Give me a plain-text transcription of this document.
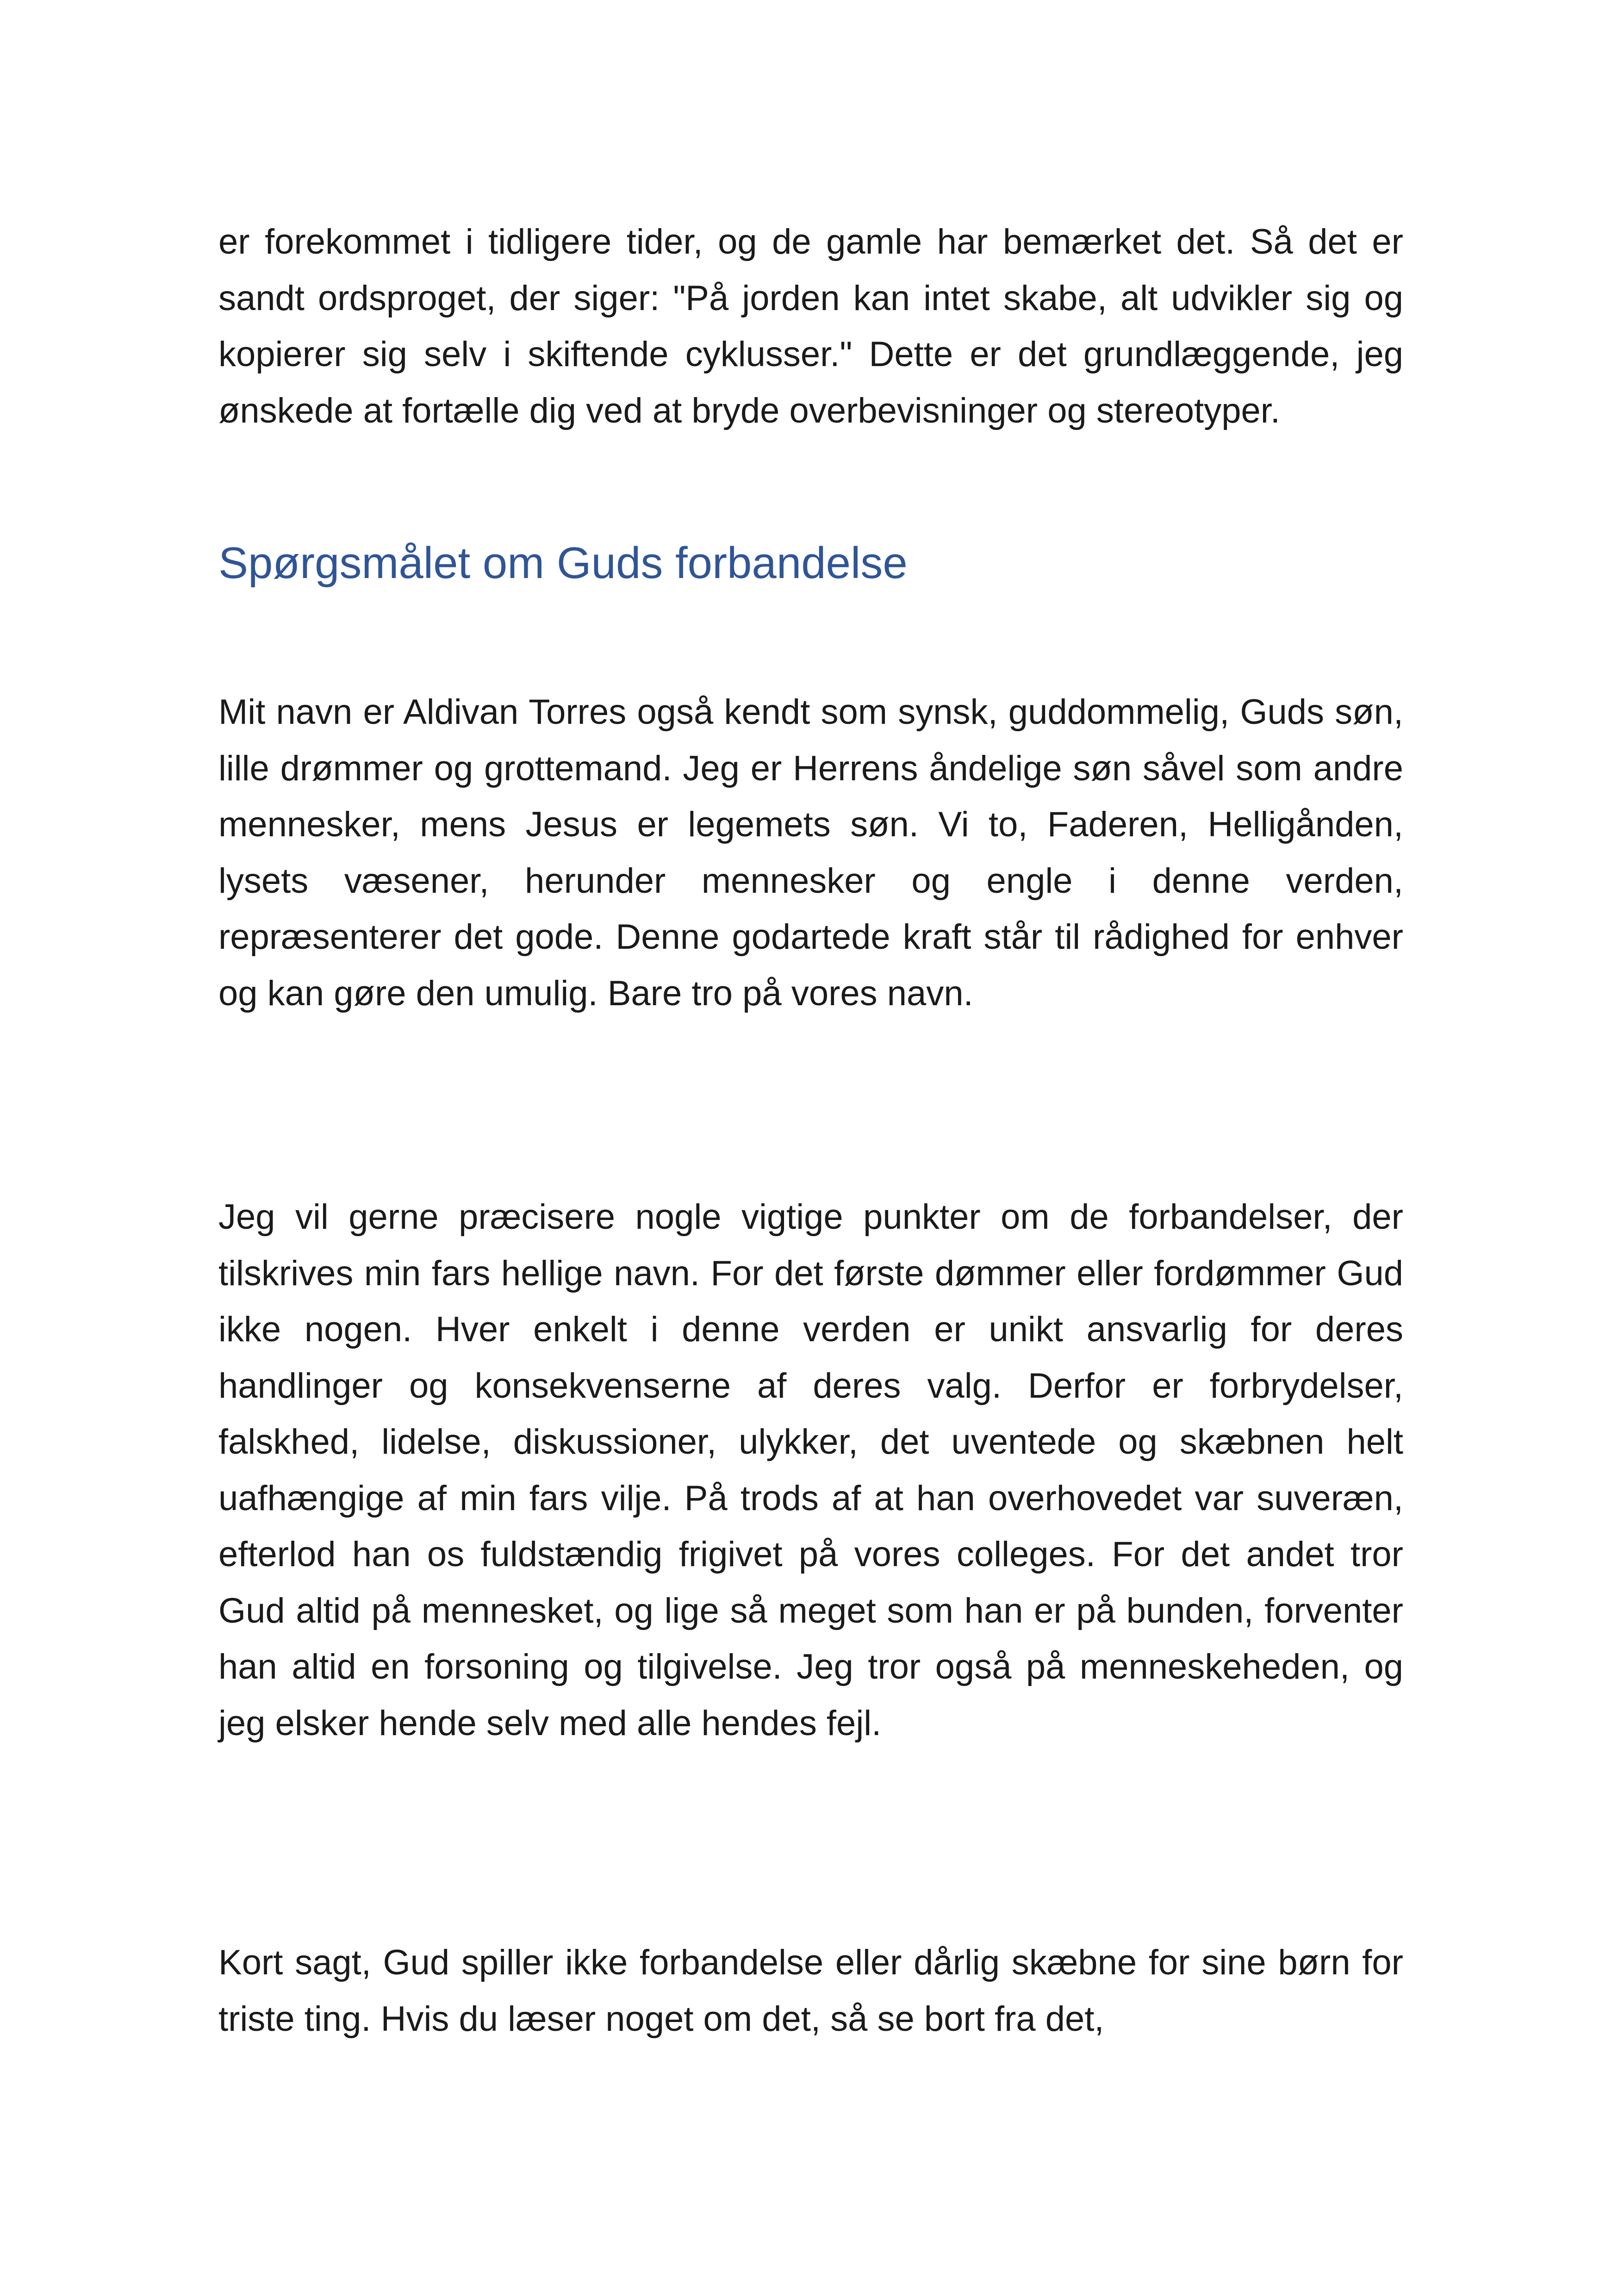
er forekommet i tidligere tider, og de gamle har bemærket det. Så det er sandt ordsproget, der siger: "På jorden kan intet skabe, alt udvikler sig og kopierer sig selv i skiftende cyklusser." Dette er det grundlæggende, jeg ønskede at fortælle dig ved at bryde overbevisninger og stereotyper.

Spørgsmålet om Guds forbandelse

Mit navn er Aldivan Torres også kendt som synsk, guddommelig, Guds søn, lille drømmer og grottemand. Jeg er Herrens åndelige søn såvel som andre mennesker, mens Jesus er legemets søn. Vi to, Faderen, Helligånden, lysets væsener, herunder mennesker og engle i denne verden, repræsenterer det gode. Denne godartede kraft står til rådighed for enhver og kan gøre den umulig. Bare tro på vores navn.

Jeg vil gerne præcisere nogle vigtige punkter om de forbandelser, der tilskrives min fars hellige navn. For det første dømmer eller fordømmer Gud ikke nogen. Hver enkelt i denne verden er unikt ansvarlig for deres handlinger og konsekvenserne af deres valg. Derfor er forbrydelser, falskhed, lidelse, diskussioner, ulykker, det uventede og skæbnen helt uafhængige af min fars vilje. På trods af at han overhovedet var suveræn, efterlod han os fuldstændig frigivet på vores colleges. For det andet tror Gud altid på mennesket, og lige så meget som han er på bunden, forventer han altid en forsoning og tilgivelse. Jeg tror også på menneskeheden, og jeg elsker hende selv med alle hendes fejl.

Kort sagt, Gud spiller ikke forbandelse eller dårlig skæbne for sine børn for triste ting. Hvis du læser noget om det, så se bort fra det,
